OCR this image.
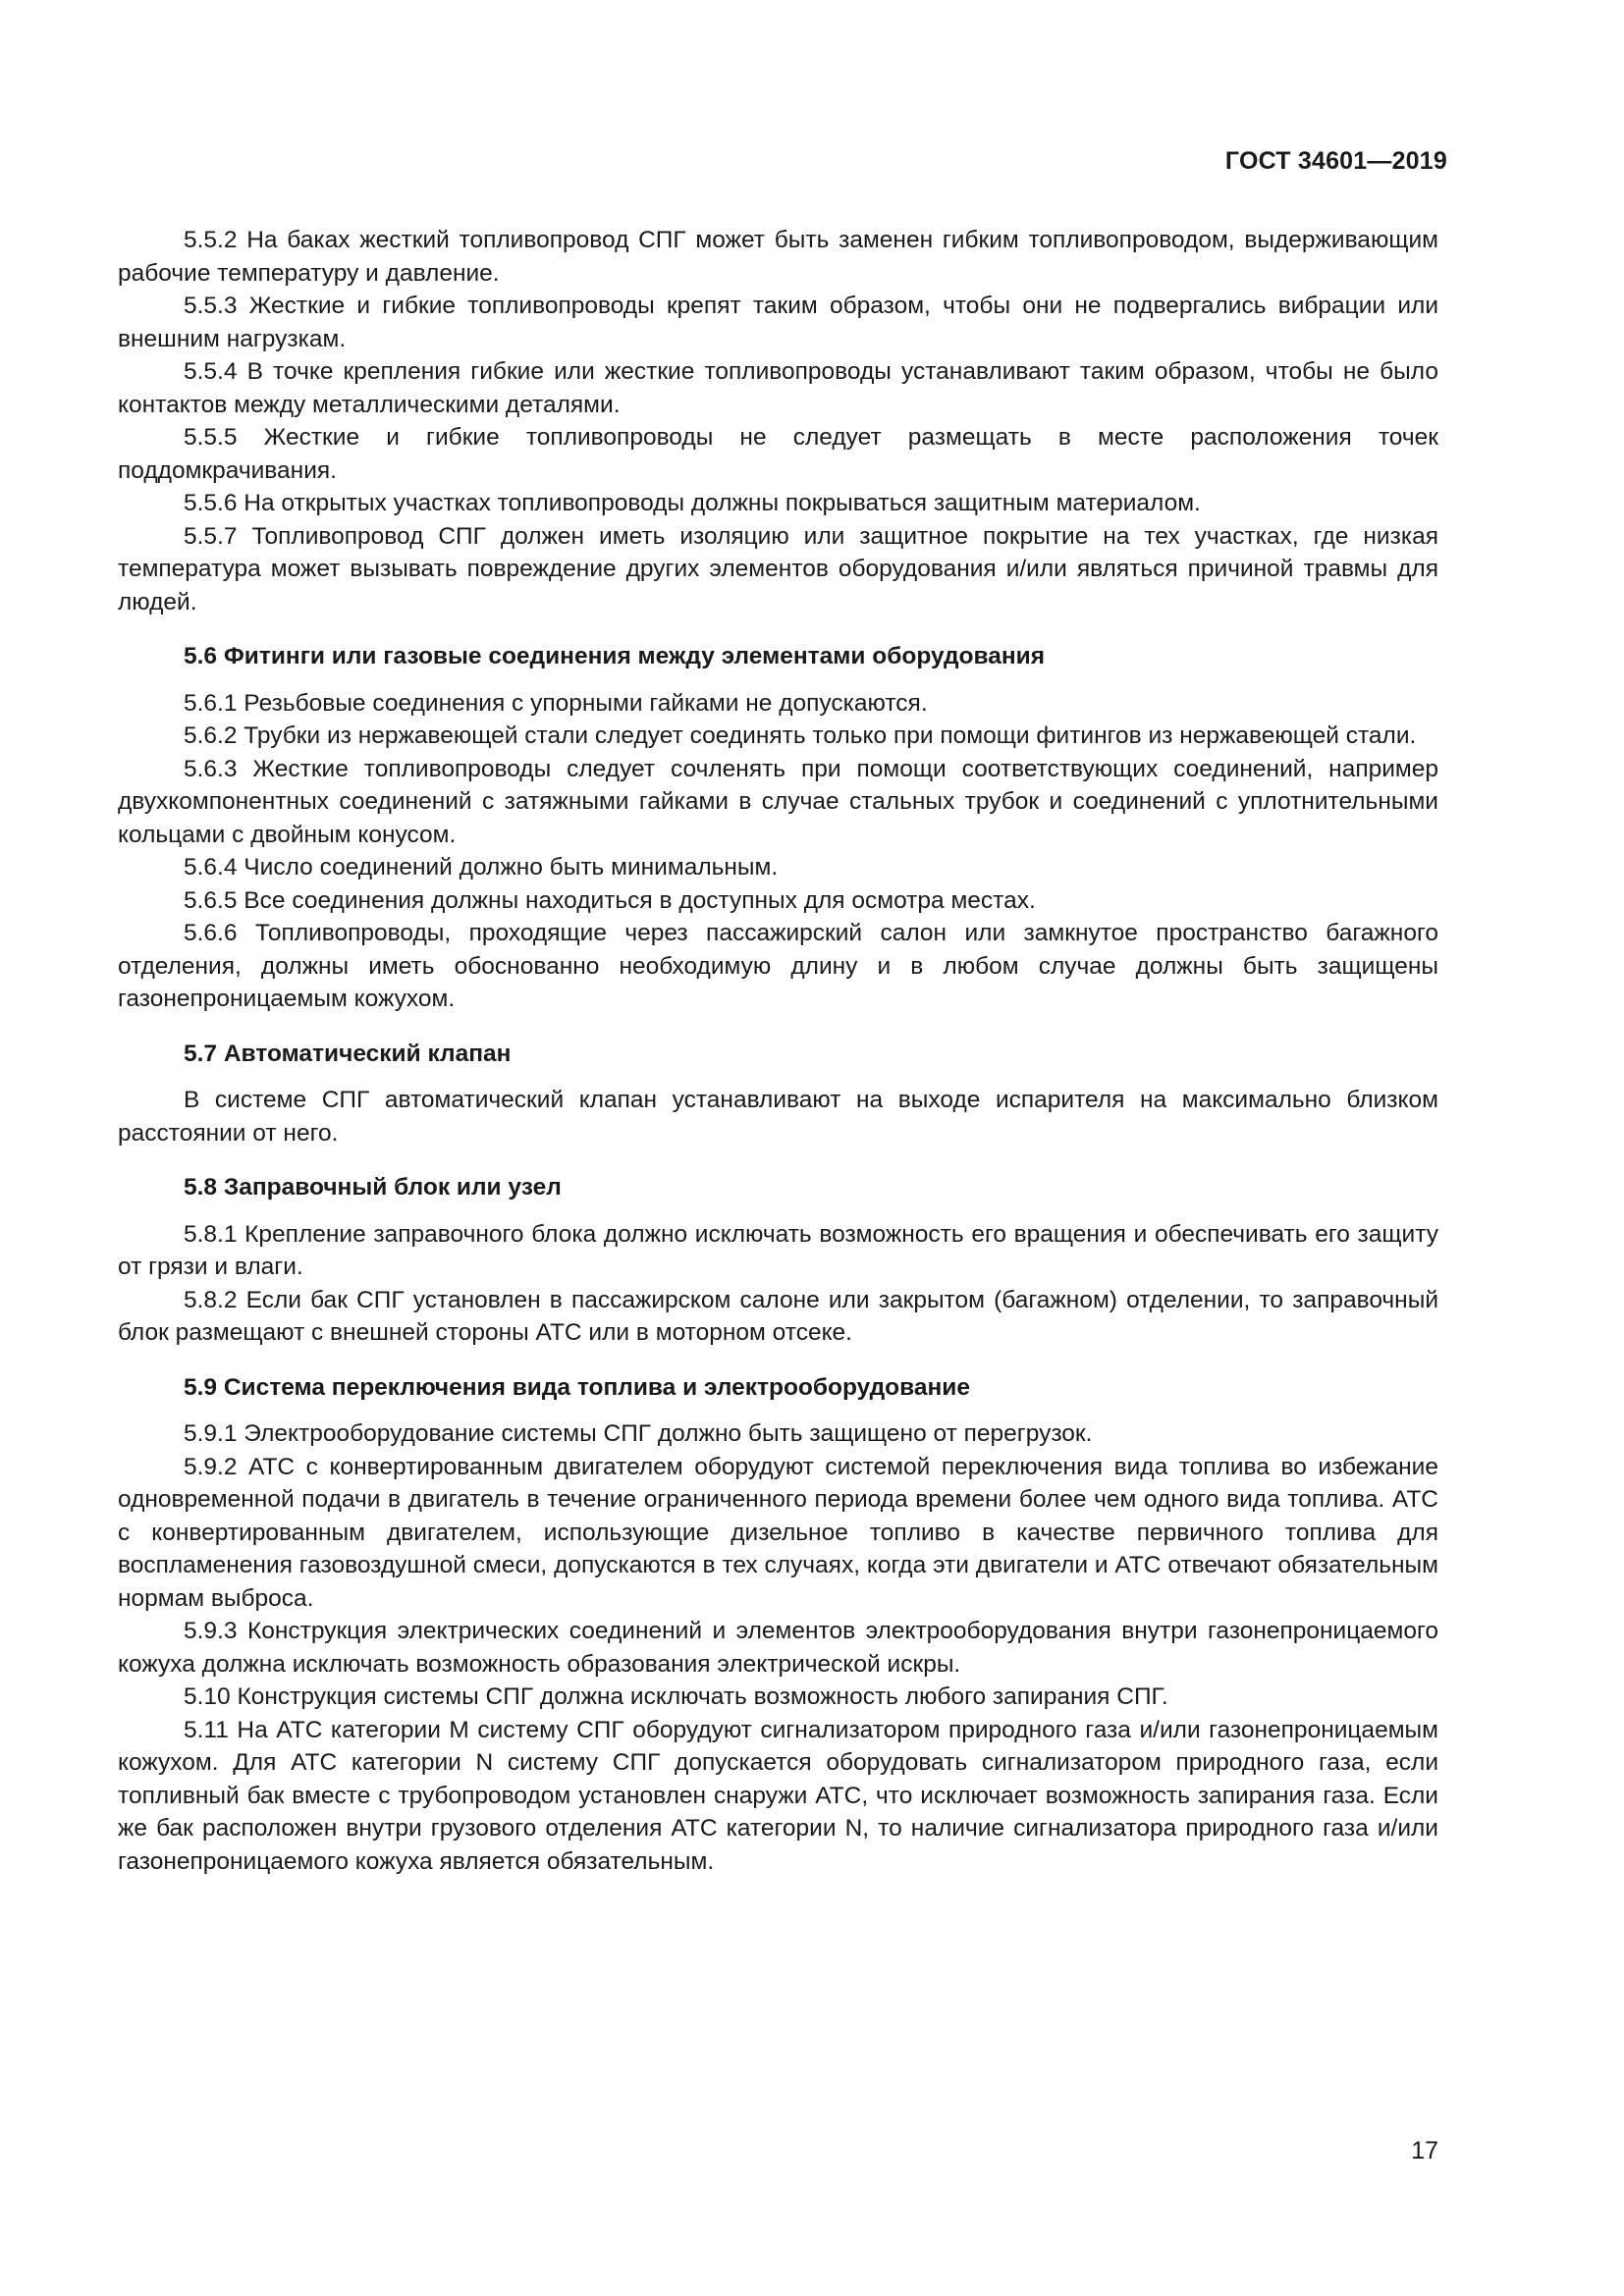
ГОСТ 34601—2019

5.5.2 На баках жесткий топливопровод СПГ может быть заменен гибким топливопроводом, выдерживающим рабочие температуру и давление.

5.5.3 Жесткие и гибкие топливопроводы крепят таким образом, чтобы они не подвергались вибрации или внешним нагрузкам.

5.5.4 В точке крепления гибкие или жесткие топливопроводы устанавливают таким образом, чтобы не было контактов между металлическими деталями.

5.5.5 Жесткие и гибкие топливопроводы не следует размещать в месте расположения точек поддомкрачивания.

5.5.6 На открытых участках топливопроводы должны покрываться защитным материалом.

5.5.7 Топливопровод СПГ должен иметь изоляцию или защитное покрытие на тех участках, где низкая температура может вызывать повреждение других элементов оборудования и/или являться причиной травмы для людей.

5.6 Фитинги или газовые соединения между элементами оборудования

5.6.1 Резьбовые соединения с упорными гайками не допускаются.

5.6.2 Трубки из нержавеющей стали следует соединять только при помощи фитингов из нержавеющей стали.

5.6.3 Жесткие топливопроводы следует сочленять при помощи соответствующих соединений, например двухкомпонентных соединений с затяжными гайками в случае стальных трубок и соединений с уплотнительными кольцами с двойным конусом.

5.6.4 Число соединений должно быть минимальным.

5.6.5 Все соединения должны находиться в доступных для осмотра местах.

5.6.6 Топливопроводы, проходящие через пассажирский салон или замкнутое пространство багажного отделения, должны иметь обоснованно необходимую длину и в любом случае должны быть защищены газонепроницаемым кожухом.

5.7 Автоматический клапан

В системе СПГ автоматический клапан устанавливают на выходе испарителя на максимально близком расстоянии от него.

5.8 Заправочный блок или узел

5.8.1 Крепление заправочного блока должно исключать возможность его вращения и обеспечивать его защиту от грязи и влаги.

5.8.2 Если бак СПГ установлен в пассажирском салоне или закрытом (багажном) отделении, то заправочный блок размещают с внешней стороны АТС или в моторном отсеке.

5.9 Система переключения вида топлива и электрооборудование

5.9.1 Электрооборудование системы СПГ должно быть защищено от перегрузок.

5.9.2 АТС с конвертированным двигателем оборудуют системой переключения вида топлива во избежание одновременной подачи в двигатель в течение ограниченного периода времени более чем одного вида топлива. АТС с конвертированным двигателем, использующие дизельное топливо в качестве первичного топлива для воспламенения газовоздушной смеси, допускаются в тех случаях, когда эти двигатели и АТС отвечают обязательным нормам выброса.

5.9.3 Конструкция электрических соединений и элементов электрооборудования внутри газонепроницаемого кожуха должна исключать возможность образования электрической искры.

5.10 Конструкция системы СПГ должна исключать возможность любого запирания СПГ.

5.11 На АТС категории М систему СПГ оборудуют сигнализатором природного газа и/или газонепроницаемым кожухом. Для АТС категории N систему СПГ допускается оборудовать сигнализатором природного газа, если топливный бак вместе с трубопроводом установлен снаружи АТС, что исключает возможность запирания газа. Если же бак расположен внутри грузового отделения АТС категории N, то наличие сигнализатора природного газа и/или газонепроницаемого кожуха является обязательным.

17
